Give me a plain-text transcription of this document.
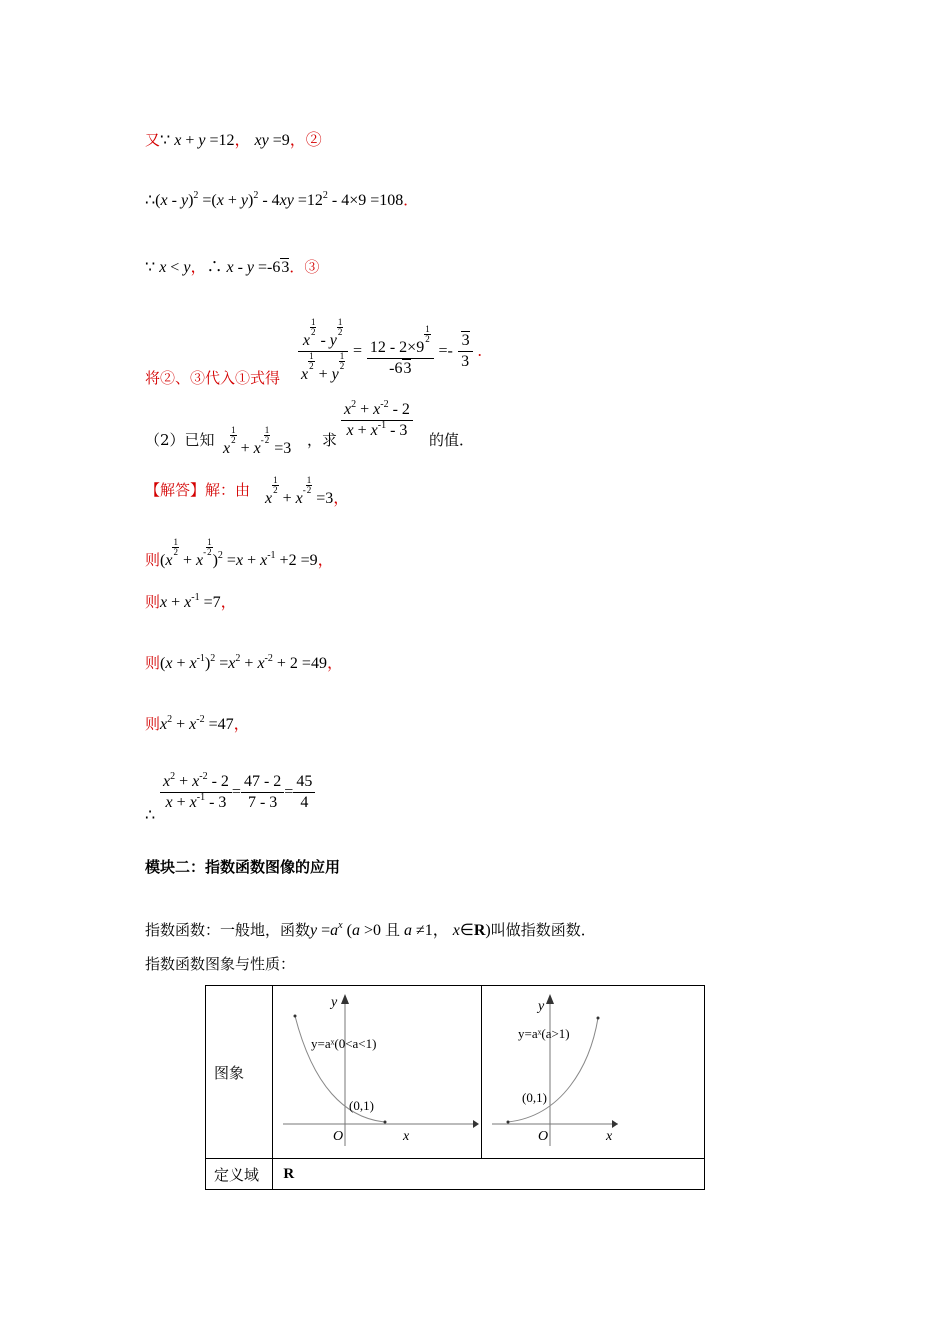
又∵ x + y =12， xy =9，②
∴(x - $y)^2 =(x + y)^2 - 4xy =12^2 - 4\times 9 =108$．
∵ x < y，∴ x - y =-63．③
将②、③代入①式得 x
$\frac{1}{2}$
- y
$\frac{1}{2}$
x
$\frac{1}{2}$
+ y
$\frac{1}{2} = 12 - 2\times 9$
$\frac{1}{2}$
$-63 =- \frac{3}{3}$ ．
（2）已知 x
$\frac{1}{2}$
+ x - $\frac{1}{2}$
=3 ，求 $\frac{x^2 + x^{-2} - 2}{x + x^{-1} - 3}$ 的值．
【解答】解：由 x
$\frac{1}{2}$
+ x - $\frac{1}{2}$
=3，
则(x
$\frac{1}{2}$
+ x - $\frac{1}{2}$
)$^2 =x + x^{-1} +2 =9$，
则$x + x^{-1} =7$，
则$(x + x^{-1})^2 =x^2 + x^{-2} + 2 =49$，
则$x^2 + x^{-2} =47$，
∴
$\frac{x^2 + x^{-2} - 2}{x + x^{-1} - 3} = \frac{47 - 2}{7 - 3} = \frac{45}{4}$
模块二：指数函数图像的应用
指数函数：一般地，函数$y =a^x$ (a >0 且 a ≠1， x∈R)叫做指数函数．
指数函数图象与性质：
图象	y
x
O
y=aˣ(0<a<1)
(0,1)	y
x
O
y=aˣ(a>1)
(0,1)

定义域	R	
